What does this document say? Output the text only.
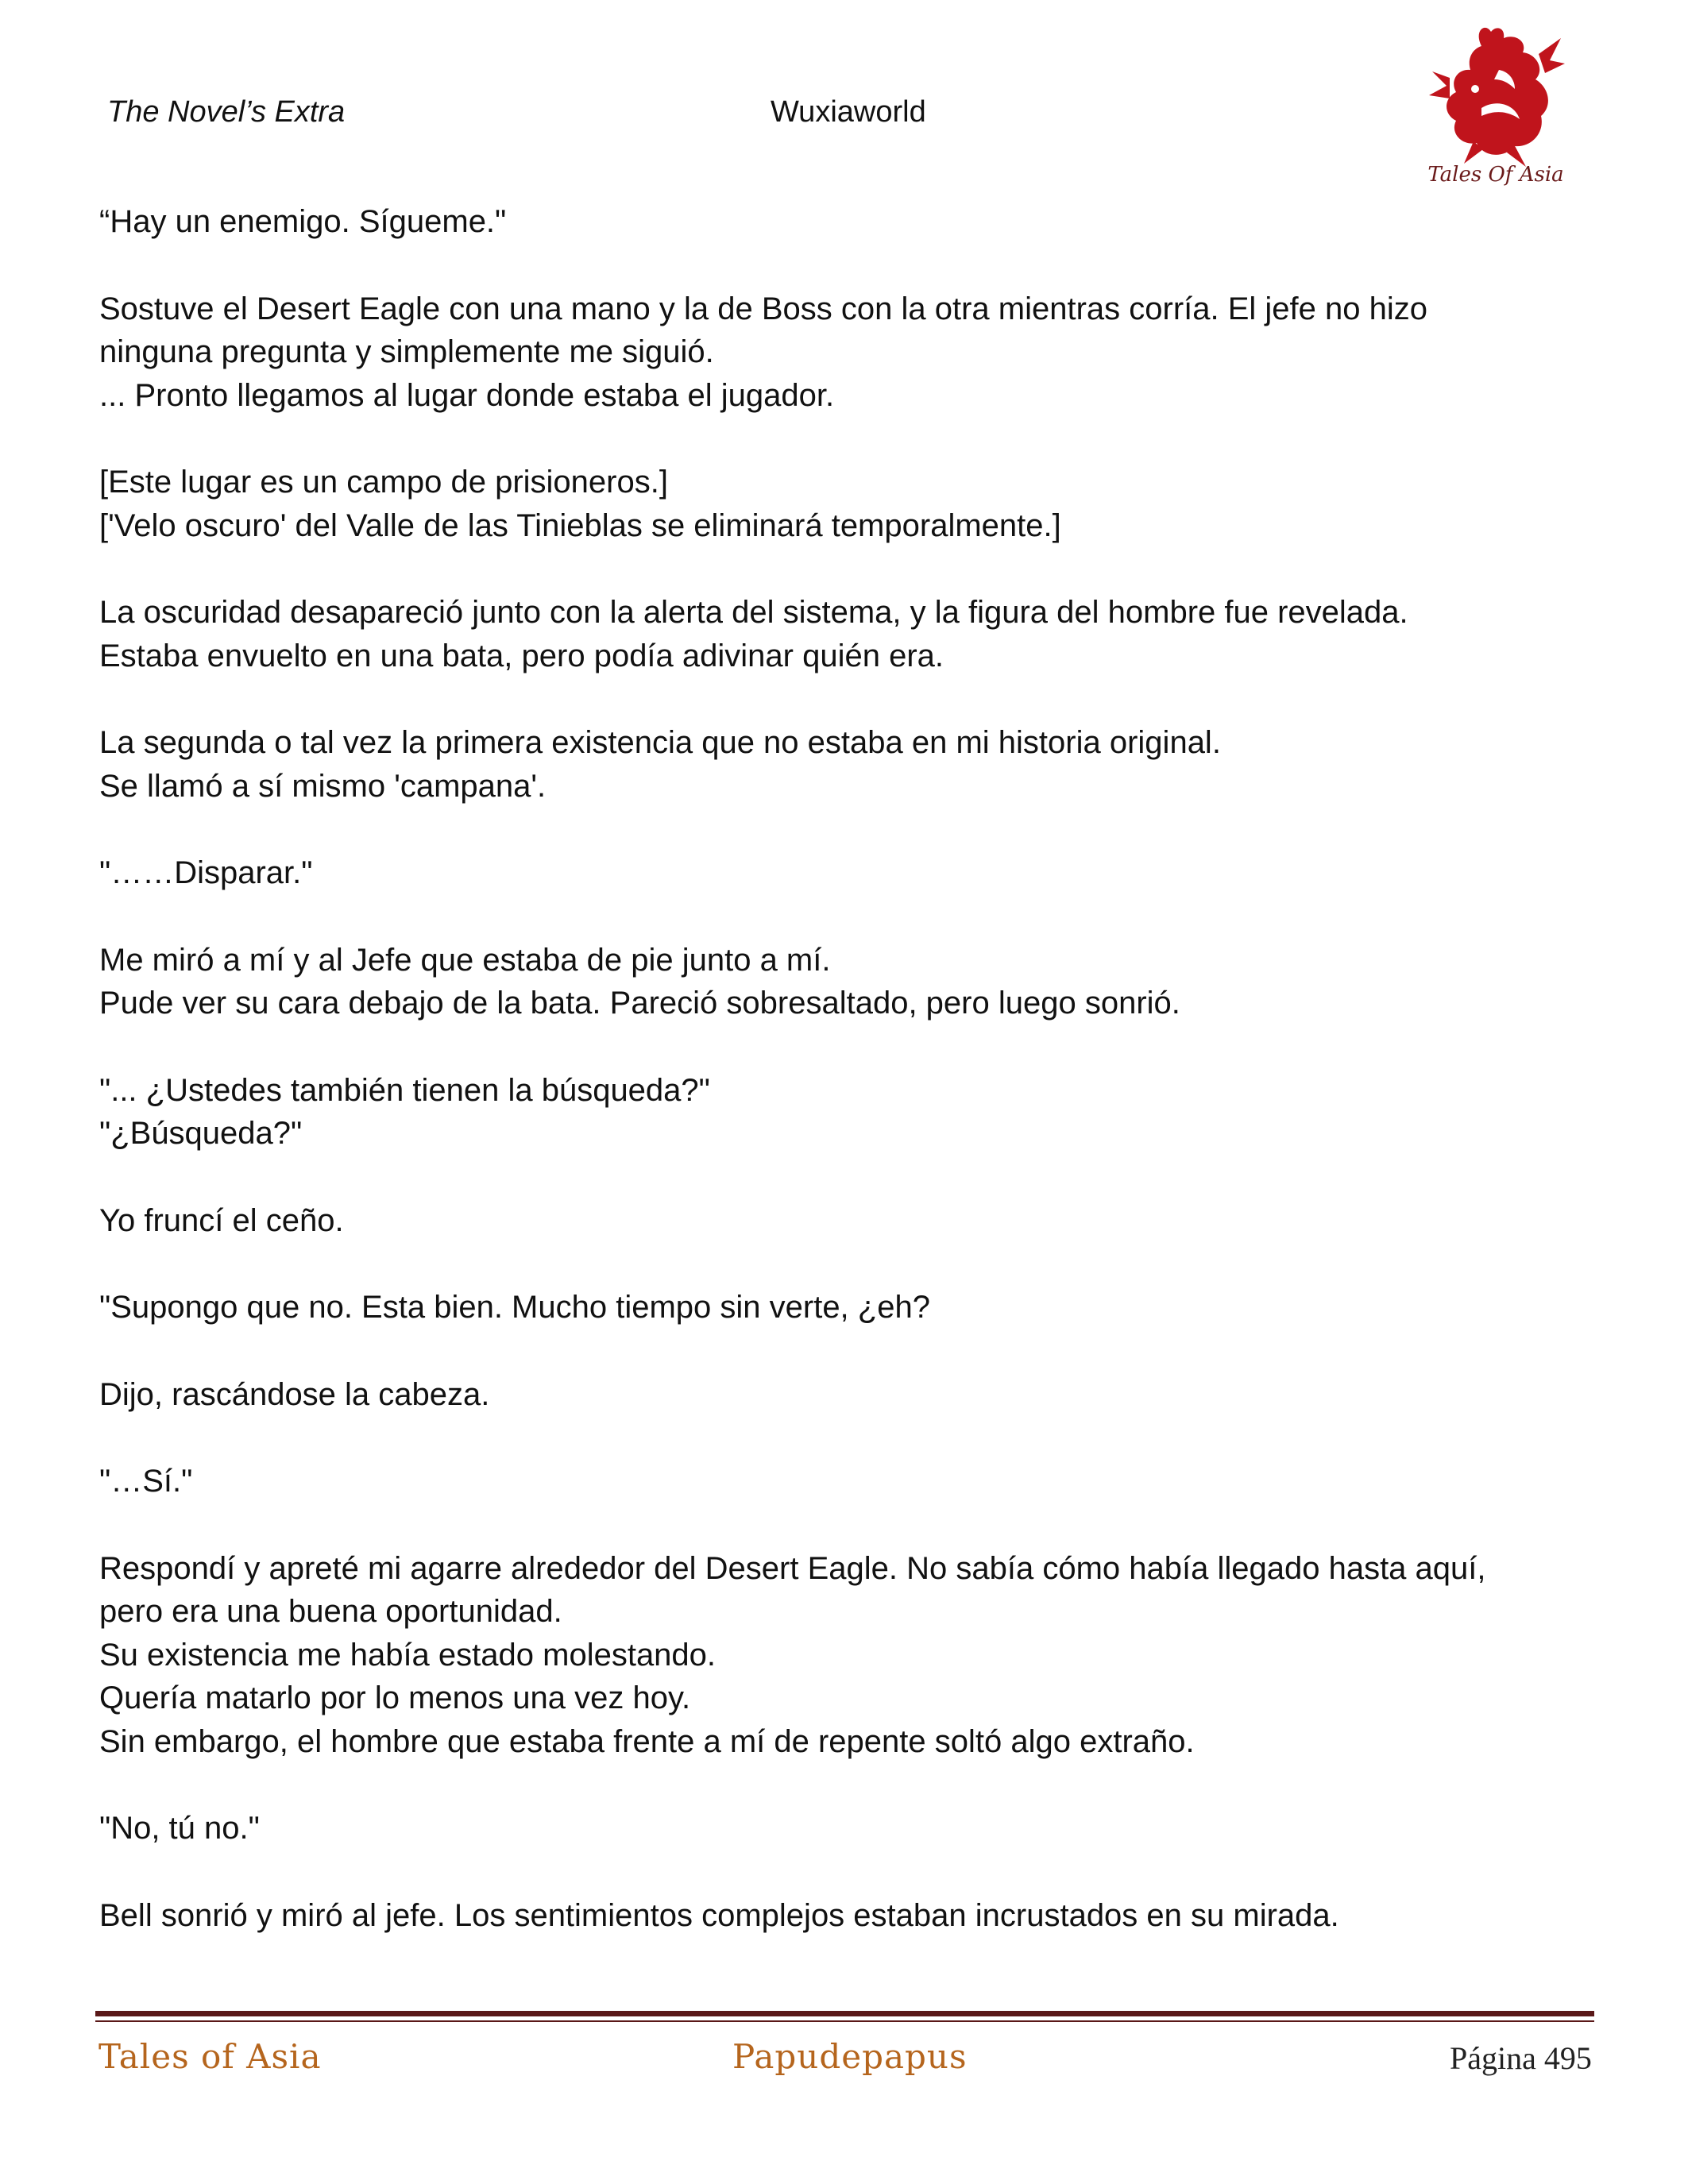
The Novel’s Extra	Wuxiaworld
Tales Of Asia
“Hay un enemigo. Sígueme."
Sostuve el Desert Eagle con una mano y la de Boss con la otra mientras corría. El jefe no hizo
ninguna pregunta y simplemente me siguió.
... Pronto llegamos al lugar donde estaba el jugador.
[Este lugar es un campo de prisioneros.]
['Velo oscuro' del Valle de las Tinieblas se eliminará temporalmente.]
La oscuridad desapareció junto con la alerta del sistema, y la figura del hombre fue revelada.
Estaba envuelto en una bata, pero podía adivinar quién era.
La segunda o tal vez la primera existencia que no estaba en mi historia original.
Se llamó a sí mismo 'campana'.
"……Disparar."
Me miró a mí y al Jefe que estaba de pie junto a mí.
Pude ver su cara debajo de la bata. Pareció sobresaltado, pero luego sonrió.
"... ¿Ustedes también tienen la búsqueda?"
"¿Búsqueda?"
Yo fruncí el ceño.
"Supongo que no. Esta bien. Mucho tiempo sin verte, ¿eh?
Dijo, rascándose la cabeza.
"…Sí."
Respondí y apreté mi agarre alrededor del Desert Eagle. No sabía cómo había llegado hasta aquí,
pero era una buena oportunidad.
Su existencia me había estado molestando.
Quería matarlo por lo menos una vez hoy.
Sin embargo, el hombre que estaba frente a mí de repente soltó algo extraño.
"No, tú no."
Bell sonrió y miró al jefe. Los sentimientos complejos estaban incrustados en su mirada.
Tales of Asia	Papudepapus	Página 495
